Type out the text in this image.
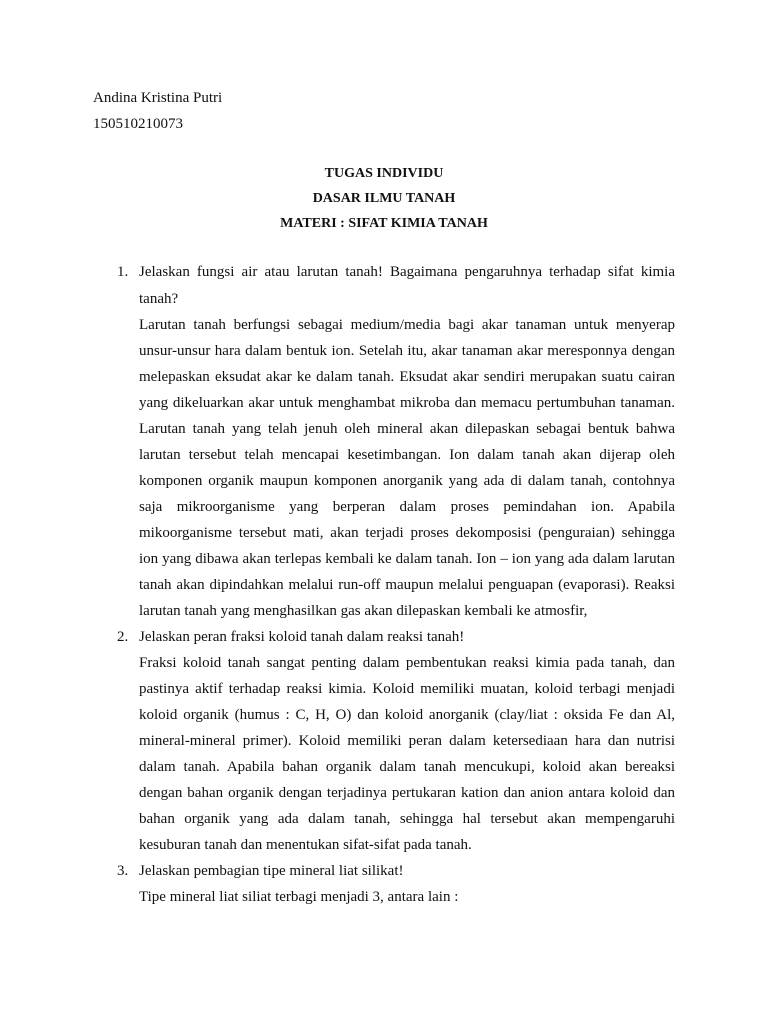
Andina Kristina Putri
150510210073
TUGAS INDIVIDU
DASAR ILMU TANAH
MATERI : SIFAT KIMIA TANAH
1. Jelaskan fungsi air atau larutan tanah! Bagaimana pengaruhnya terhadap sifat kimia
tanah?
Larutan tanah berfungsi sebagai medium/media bagi akar tanaman untuk menyerap
unsur-unsur hara dalam bentuk ion. Setelah itu, akar tanaman akar meresponnya dengan
melepaskan eksudat akar ke dalam tanah. Eksudat akar sendiri merupakan suatu cairan
yang dikeluarkan akar untuk menghambat mikroba dan memacu pertumbuhan tanaman.
Larutan tanah yang telah jenuh oleh mineral akan dilepaskan sebagai bentuk bahwa
larutan tersebut telah mencapai kesetimbangan. Ion dalam tanah akan dijerap oleh
komponen organik maupun komponen anorganik yang ada di dalam tanah, contohnya
saja mikroorganisme yang berperan dalam proses pemindahan ion. Apabila
mikoorganisme tersebut mati, akan terjadi proses dekomposisi (penguraian) sehingga
ion yang dibawa akan terlepas kembali ke dalam tanah. Ion – ion yang ada dalam larutan
tanah akan dipindahkan melalui run-off maupun melalui penguapan (evaporasi). Reaksi
larutan tanah yang menghasilkan gas akan dilepaskan kembali ke atmosfir,
2. Jelaskan peran fraksi koloid tanah dalam reaksi tanah!
Fraksi koloid tanah sangat penting dalam pembentukan reaksi kimia pada tanah, dan
pastinya aktif terhadap reaksi kimia. Koloid memiliki muatan, koloid terbagi menjadi
koloid organik (humus : C, H, O) dan koloid anorganik (clay/liat : oksida Fe dan Al,
mineral-mineral primer). Koloid memiliki peran dalam ketersediaan hara dan nutrisi
dalam tanah. Apabila bahan organik dalam tanah mencukupi, koloid akan bereaksi
dengan bahan organik dengan terjadinya pertukaran kation dan anion antara koloid dan
bahan organik yang ada dalam tanah, sehingga hal tersebut akan mempengaruhi
kesuburan tanah dan menentukan sifat-sifat pada tanah.
3. Jelaskan pembagian tipe mineral liat silikat!
Tipe mineral liat siliat terbagi menjadi 3, antara lain :
